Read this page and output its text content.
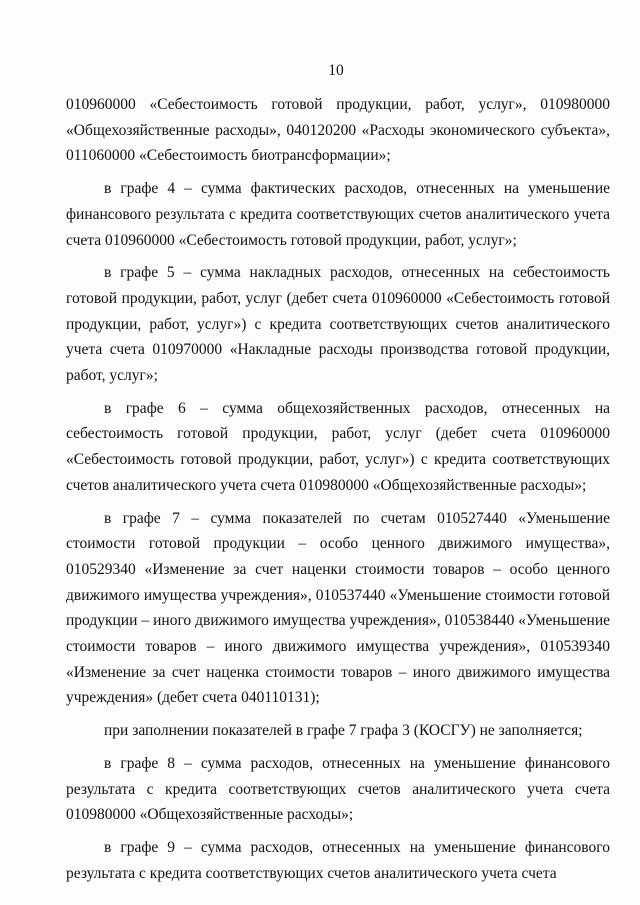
10

010960000 «Себестоимость готовой продукции, работ, услуг», 010980000 «Общехозяйственные расходы», 040120200 «Расходы экономического субъекта», 011060000 «Себестоимость биотрансформации»;

в графе 4 – сумма фактических расходов, отнесенных на уменьшение финансового результата с кредита соответствующих счетов аналитического учета счета 010960000 «Себестоимость готовой продукции, работ, услуг»;

в графе 5 – сумма накладных расходов, отнесенных на себестоимость готовой продукции, работ, услуг (дебет счета 010960000 «Себестоимость готовой продукции, работ, услуг») с кредита соответствующих счетов аналитического учета счета 010970000 «Накладные расходы производства готовой продукции, работ, услуг»;

в графе 6 – сумма общехозяйственных расходов, отнесенных на себестоимость готовой продукции, работ, услуг (дебет счета 010960000 «Себестоимость готовой продукции, работ, услуг») с кредита соответствующих счетов аналитического учета счета 010980000 «Общехозяйственные расходы»;

в графе 7 – сумма показателей по счетам 010527440 «Уменьшение стоимости готовой продукции – особо ценного движимого имущества», 010529340 «Изменение за счет наценки стоимости товаров – особо ценного движимого имущества учреждения», 010537440 «Уменьшение стоимости готовой продукции – иного движимого имущества учреждения», 010538440 «Уменьшение стоимости товаров – иного движимого имущества учреждения», 010539340 «Изменение за счет наценка стоимости товаров – иного движимого имущества учреждения» (дебет счета 040110131);

при заполнении показателей в графе 7 графа 3 (КОСГУ) не заполняется;

в графе 8 – сумма расходов, отнесенных на уменьшение финансового результата с кредита соответствующих счетов аналитического учета счета 010980000 «Общехозяйственные расходы»;

в графе 9 – сумма расходов, отнесенных на уменьшение финансового результата с кредита соответствующих счетов аналитического учета счета
